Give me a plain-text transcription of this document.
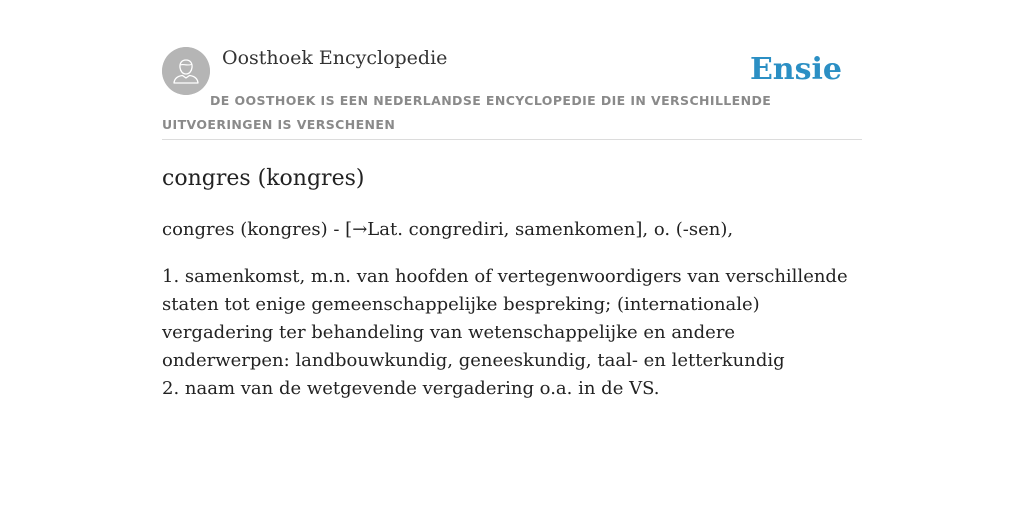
Oosthoek Encyclopedie	Ensie
DE OOSTHOEK IS EEN NEDERLANDSE ENCYCLOPEDIE DIE IN VERSCHILLENDE UITVOERINGEN IS VERSCHENEN
congres (kongres)
congres (kongres) - [→Lat. congrediri, samenkomen], o. (-sen),
1. samenkomst, m.n. van hoofden of vertegenwoordigers van verschillende staten tot enige gemeenschappelijke bespreking; (internationale) vergadering ter behandeling van wetenschappelijke en andere onderwerpen: landbouwkundig, geneeskundig, taal- en letterkundig
2. naam van de wetgevende vergadering o.a. in de VS.
